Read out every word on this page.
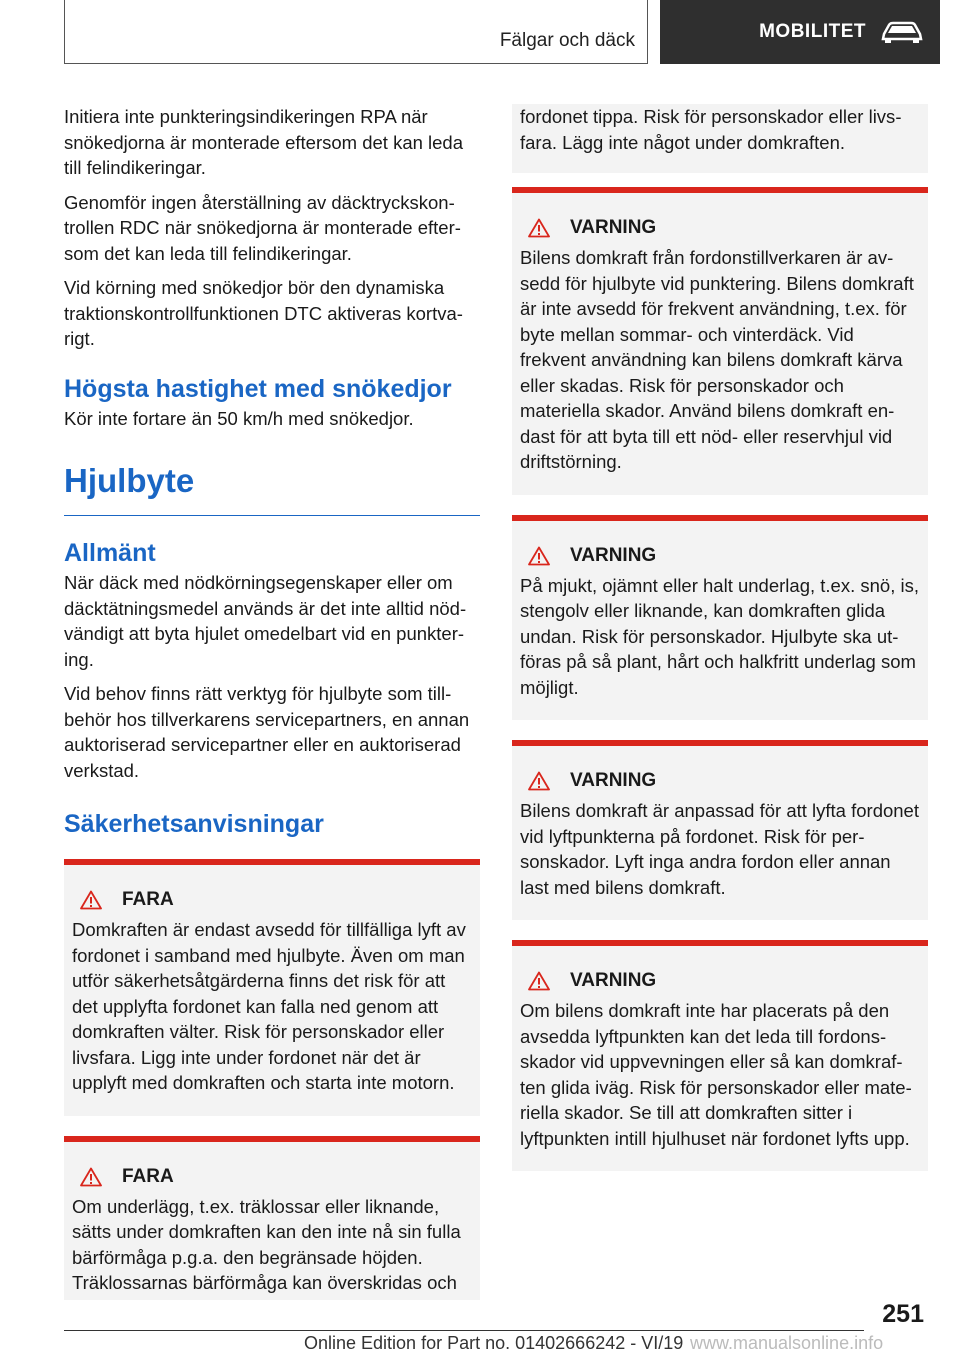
Fälgar och däck	MOBILITET

Initiera inte punkteringsindikeringen RPA när snökedjorna är monterade eftersom det kan leda till felindikeringar.

Genomför ingen återställning av däcktryckskontrollen RDC när snökedjorna är monterade eftersom det kan leda till felindikeringar.

Vid körning med snökedjor bör den dynamiska traktionskontrollfunktionen DTC aktiveras kortvarigt.

Högsta hastighet med snökedjor

Kör inte fortare än 50 km/h med snökedjor.

Hjulbyte
Allmänt

När däck med nödkörningsegenskaper eller om däcktätningsmedel används är det inte alltid nödvändigt att byta hjulet omedelbart vid en punktering.

Vid behov finns rätt verktyg för hjulbyte som tillbehör hos tillverkarens servicepartners, en annan auktoriserad servicepartner eller en auktoriserad verkstad.

Säkerhetsanvisningar
FARA

Domkraften är endast avsedd för tillfälliga lyft av fordonet i samband med hjulbyte. Även om man utför säkerhetsåtgärderna finns det risk för att det upplyfta fordonet kan falla ned genom att domkraften välter. Risk för personskador eller livsfara. Ligg inte under fordonet när det är upplyft med domkraften och starta inte motorn.

FARA

Om underlägg, t.ex. träklossar eller liknande, sätts under domkraften kan den inte nå sin fulla bärförmåga p.g.a. den begränsade höjden. Träklossarnas bärförmåga kan överskridas och

fordonet tippa. Risk för personskador eller livsfara. Lägg inte något under domkraften.

VARNING

Bilens domkraft från fordonstillverkaren är avsedd för hjulbyte vid punktering. Bilens domkraft är inte avsedd för frekvent användning, t.ex. för byte mellan sommar- och vinterdäck. Vid frekvent användning kan bilens domkraft kärva eller skadas. Risk för personskador och materiella skador. Använd bilens domkraft endast för att byta till ett nöd- eller reservhjul vid driftstörning.

VARNING

På mjukt, ojämnt eller halt underlag, t.ex. snö, is, stengolv eller liknande, kan domkraften glida undan. Risk för personskador. Hjulbyte ska utföras på så plant, hårt och halkfritt underlag som möjligt.

VARNING

Bilens domkraft är anpassad för att lyfta fordonet vid lyftpunkterna på fordonet. Risk för personskador. Lyft inga andra fordon eller annan last med bilens domkraft.

VARNING

Om bilens domkraft inte har placerats på den avsedda lyftpunkten kan det leda till fordonsskador vid uppvevningen eller så kan domkraften glida iväg. Risk för personskador eller materiella skador. Se till att domkraften sitter i lyftpunkten intill hjulhuset när fordonet lyfts upp.

251
Online Edition for Part no. 01402666242 - VI/19 www.manualsonline.info
